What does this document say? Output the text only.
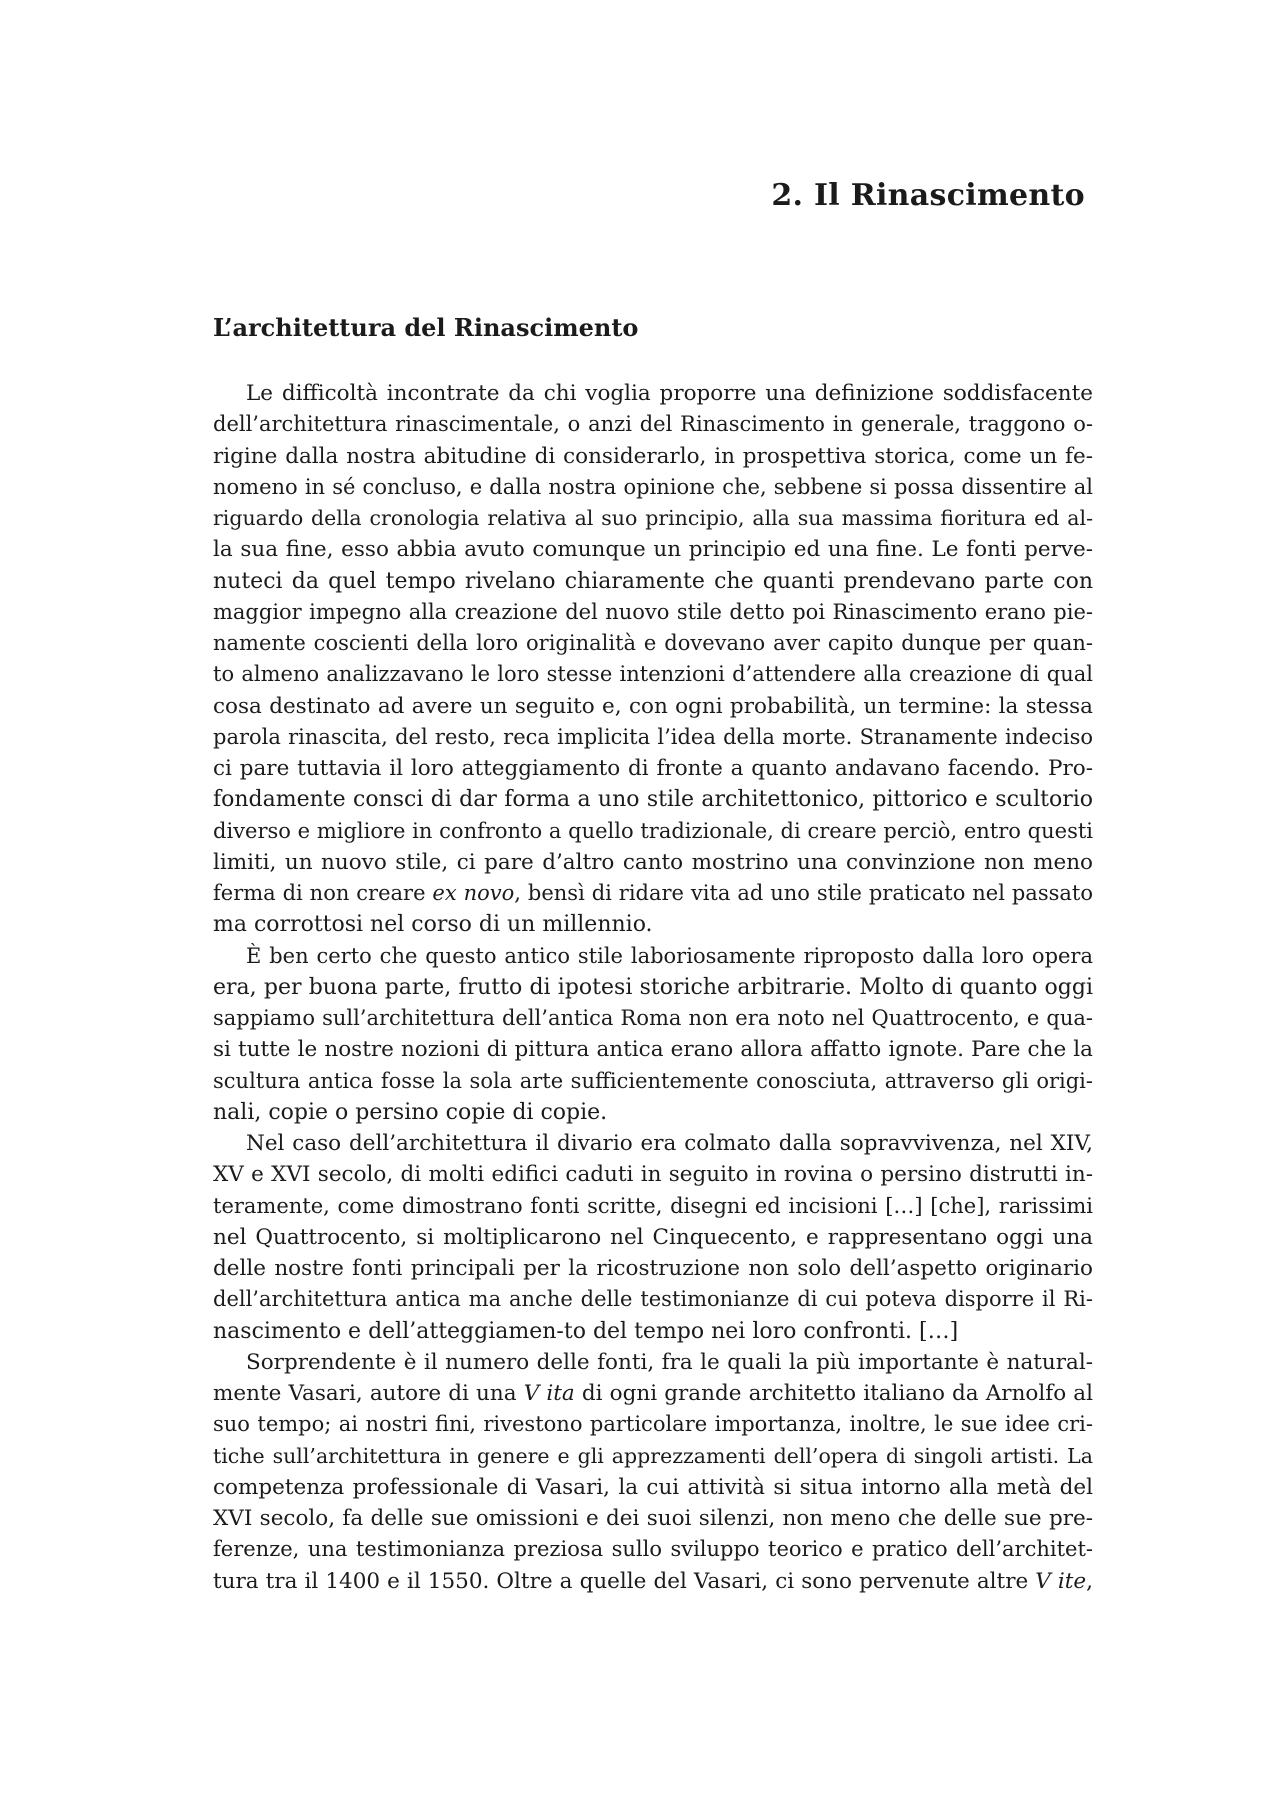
2. Il Rinascimento
L’architettura del Rinascimento
Le difficoltà incontrate da chi voglia proporre una definizione soddisfacente
dell’architettura rinascimentale, o anzi del Rinascimento in generale, traggono o-
rigine dalla nostra abitudine di considerarlo, in prospettiva storica, come un fe-
nomeno in sé concluso, e dalla nostra opinione che, sebbene si possa dissentire al
riguardo della cronologia relativa al suo principio, alla sua massima fioritura ed al-
la sua fine, esso abbia avuto comunque un principio ed una fine. Le fonti perve-
nuteci da quel tempo rivelano chiaramente che quanti prendevano parte con
maggior impegno alla creazione del nuovo stile detto poi Rinascimento erano pie-
namente coscienti della loro originalità e dovevano aver capito dunque per quan-
to almeno analizzavano le loro stesse intenzioni d’attendere alla creazione di qual
cosa destinato ad avere un seguito e, con ogni probabilità, un termine: la stessa
parola rinascita, del resto, reca implicita l’idea della morte. Stranamente indeciso
ci pare tuttavia il loro atteggiamento di fronte a quanto andavano facendo. Pro-
fondamente consci di dar forma a uno stile architettonico, pittorico e scultorio
diverso e migliore in confronto a quello tradizionale, di creare perciò, entro questi
limiti, un nuovo stile, ci pare d’altro canto mostrino una convinzione non meno
ferma di non creare ex novo, bensì di ridare vita ad uno stile praticato nel passato
ma corrottosi nel corso di un millennio.
È ben certo che questo antico stile laboriosamente riproposto dalla loro opera
era, per buona parte, frutto di ipotesi storiche arbitrarie. Molto di quanto oggi
sappiamo sull’architettura dell’antica Roma non era noto nel Quattrocento, e qua-
si tutte le nostre nozioni di pittura antica erano allora affatto ignote. Pare che la
scultura antica fosse la sola arte sufficientemente conosciuta, attraverso gli origi-
nali, copie o persino copie di copie.
Nel caso dell’architettura il divario era colmato dalla sopravvivenza, nel XIV,
XV e XVI secolo, di molti edifici caduti in seguito in rovina o persino distrutti in-
teramente, come dimostrano fonti scritte, disegni ed incisioni […] [che], rarissimi
nel Quattrocento, si moltiplicarono nel Cinquecento, e rappresentano oggi una
delle nostre fonti principali per la ricostruzione non solo dell’aspetto originario
dell’architettura antica ma anche delle testimonianze di cui poteva disporre il Ri-
nascimento e dell’atteggiamen-to del tempo nei loro confronti. […]
Sorprendente è il numero delle fonti, fra le quali la più importante è natural-
mente Vasari, autore di una V ita di ogni grande architetto italiano da Arnolfo al
suo tempo; ai nostri fini, rivestono particolare importanza, inoltre, le sue idee cri-
tiche sull’architettura in genere e gli apprezzamenti dell’opera di singoli artisti. La
competenza professionale di Vasari, la cui attività si situa intorno alla metà del
XVI secolo, fa delle sue omissioni e dei suoi silenzi, non meno che delle sue pre-
ferenze, una testimonianza preziosa sullo sviluppo teorico e pratico dell’architet-
tura tra il 1400 e il 1550. Oltre a quelle del Vasari, ci sono pervenute altre V ite,
